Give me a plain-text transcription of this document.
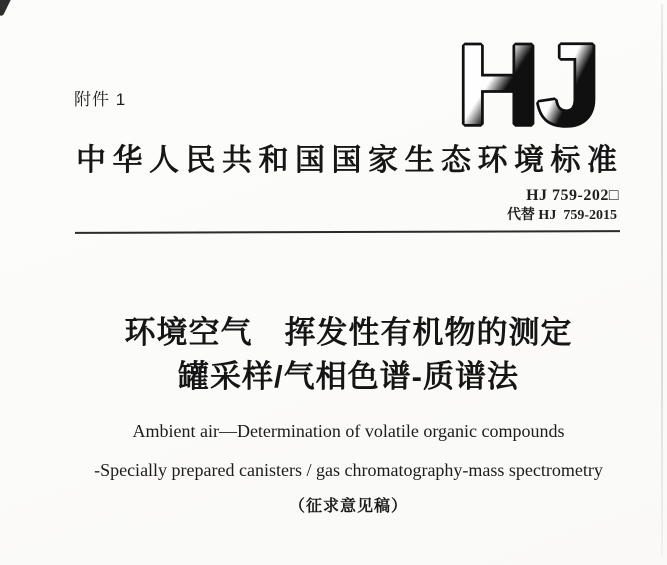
附件 1	H
J
中华人民共和国国家生态环境标准
HJ 759-202□
代替 HJ  759-2015
环境空气　挥发性有机物的测定
罐采样/气相色谱-质谱法
Ambient air—Determination of volatile organic compounds
-Specially prepared canisters / gas chromatography-mass spectrometry
（征求意见稿）
